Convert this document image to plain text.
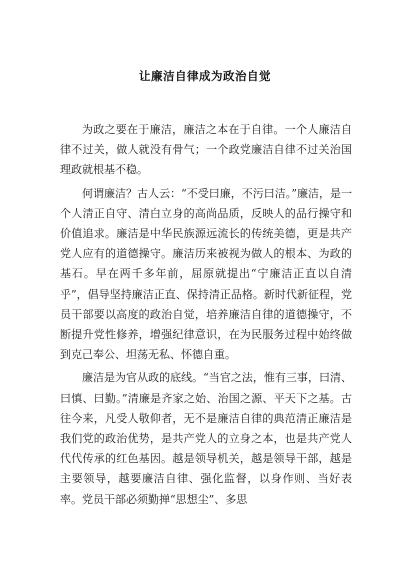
让廉洁自律成为政治自觉

为政之要在于廉洁，廉洁之本在于自律。一个人廉洁自律不过关，做人就没有骨气；一个政党廉洁自律不过关治国理政就根基不稳。

何谓廉洁？古人云：“不受曰廉，不污曰洁。”廉洁，是一个人清正自守、清白立身的高尚品质，反映人的品行操守和价值追求。廉洁是中华民族源远流长的传统美德，更是共产党人应有的道德操守。廉洁历来被视为做人的根本、为政的基石。早在两千多年前，屈原就提出“宁廉洁正直以自清乎”，倡导坚持廉洁正直、保持清正品格。新时代新征程，党员干部要以高度的政治自觉，培养廉洁自律的道德操守，不断提升党性修养，增强纪律意识，在为民服务过程中始终做到克己奉公、坦荡无私、怀德自重。

廉洁是为官从政的底线。“当官之法，惟有三事，曰清、曰慎、曰勤。”清廉是齐家之始、治国之源、平天下之基。古往今来，凡受人敬仰者，无不是廉洁自律的典范清正廉洁是我们党的政治优势，是共产党人的立身之本，也是共产党人代代传承的红色基因。越是领导机关，越是领导干部，越是主要领导，越要廉洁自律、强化监督，以身作则、当好表率。党员干部必须勤掸“思想尘”、多思
